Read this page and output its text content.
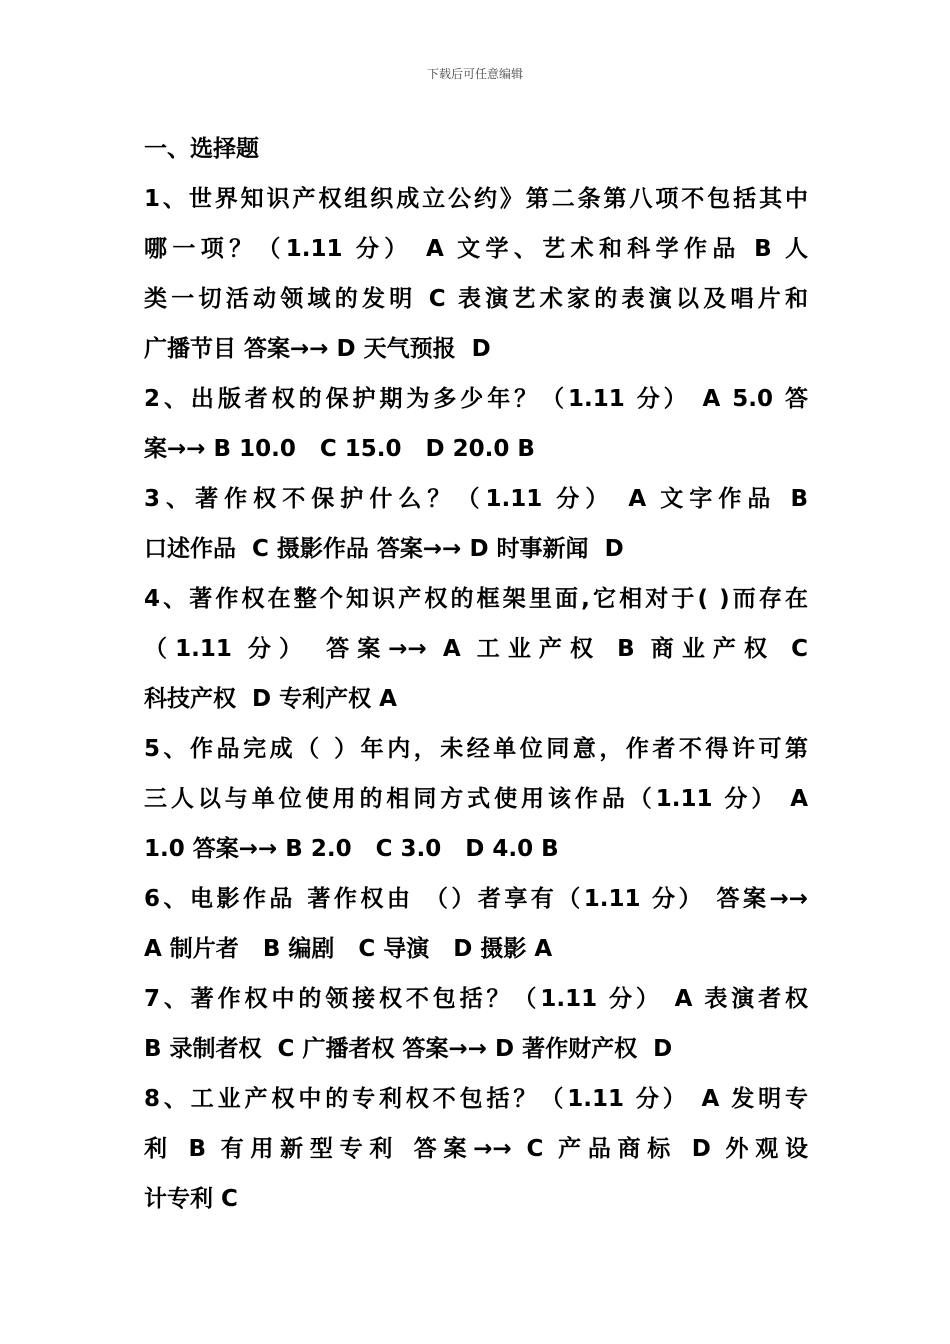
下载后可任意编辑
一、选择题
1、世界知识产权组织成立公约》第二条第八项不包括其中
哪一项？（1.11 分） A 文学、艺术和科学作品 B 人
类一切活动领域的发明 C 表演艺术家的表演以及唱片和
广播节目 答案→→ D 天气预报  D
2、出版者权的保护期为多少年？（1.11 分） A 5.0 答
案→→ B 10.0   C 15.0   D 20.0 B
3、著作权不保护什么？（1.11 分） A 文字作品 B
口述作品  C 摄影作品 答案→→ D 时事新闻  D
4、著作权在整个知识产权的框架里面,它相对于( )而存在
（1.11 分） 答案→→ A 工业产权 B 商业产权 C
科技产权  D 专利产权 A
5、作品完成（ ）年内，未经单位同意，作者不得许可第
三人以与单位使用的相同方式使用该作品（1.11 分） A
1.0 答案→→ B 2.0   C 3.0   D 4.0 B
6、电影作品 著作权由 （）者享有（1.11 分） 答案→→
A 制片者   B 编剧   C 导演   D 摄影 A
7、著作权中的领接权不包括？（1.11 分） A 表演者权
B 录制者权  C 广播者权 答案→→ D 著作财产权  D
8、工业产权中的专利权不包括？（1.11 分） A 发明专
利 B 有用新型专利 答案→→ C 产品商标 D 外观设
计专利 C
